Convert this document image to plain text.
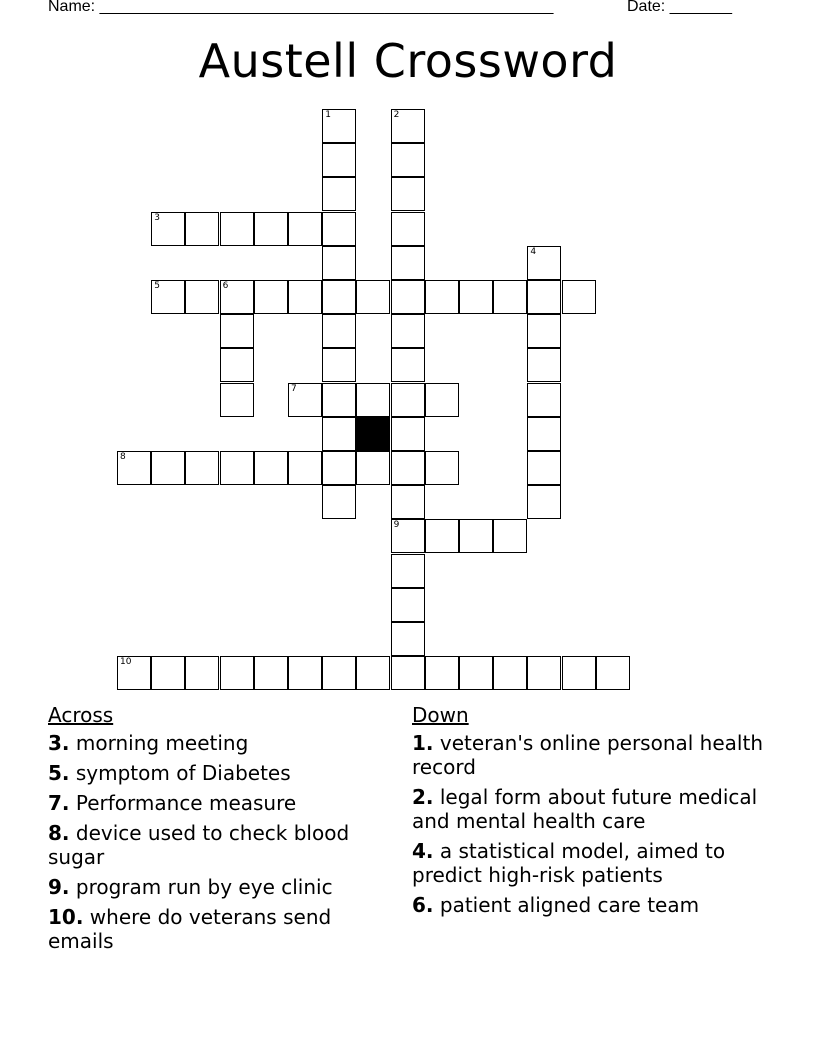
Name: ___________________________________________________	Date: _______
Austell Crossword
1	2
9
3
4
5	6
7
8
10
Across
3. morning meeting
5. symptom of Diabetes
7. Performance measure
8. device used to check blood sugar
9. program run by eye clinic
10. where do veterans send emails
Down
1. veteran's online personal health record
2. legal form about future medical and mental health care
4. a statistical model, aimed to predict high-risk patients
6. patient aligned care team
